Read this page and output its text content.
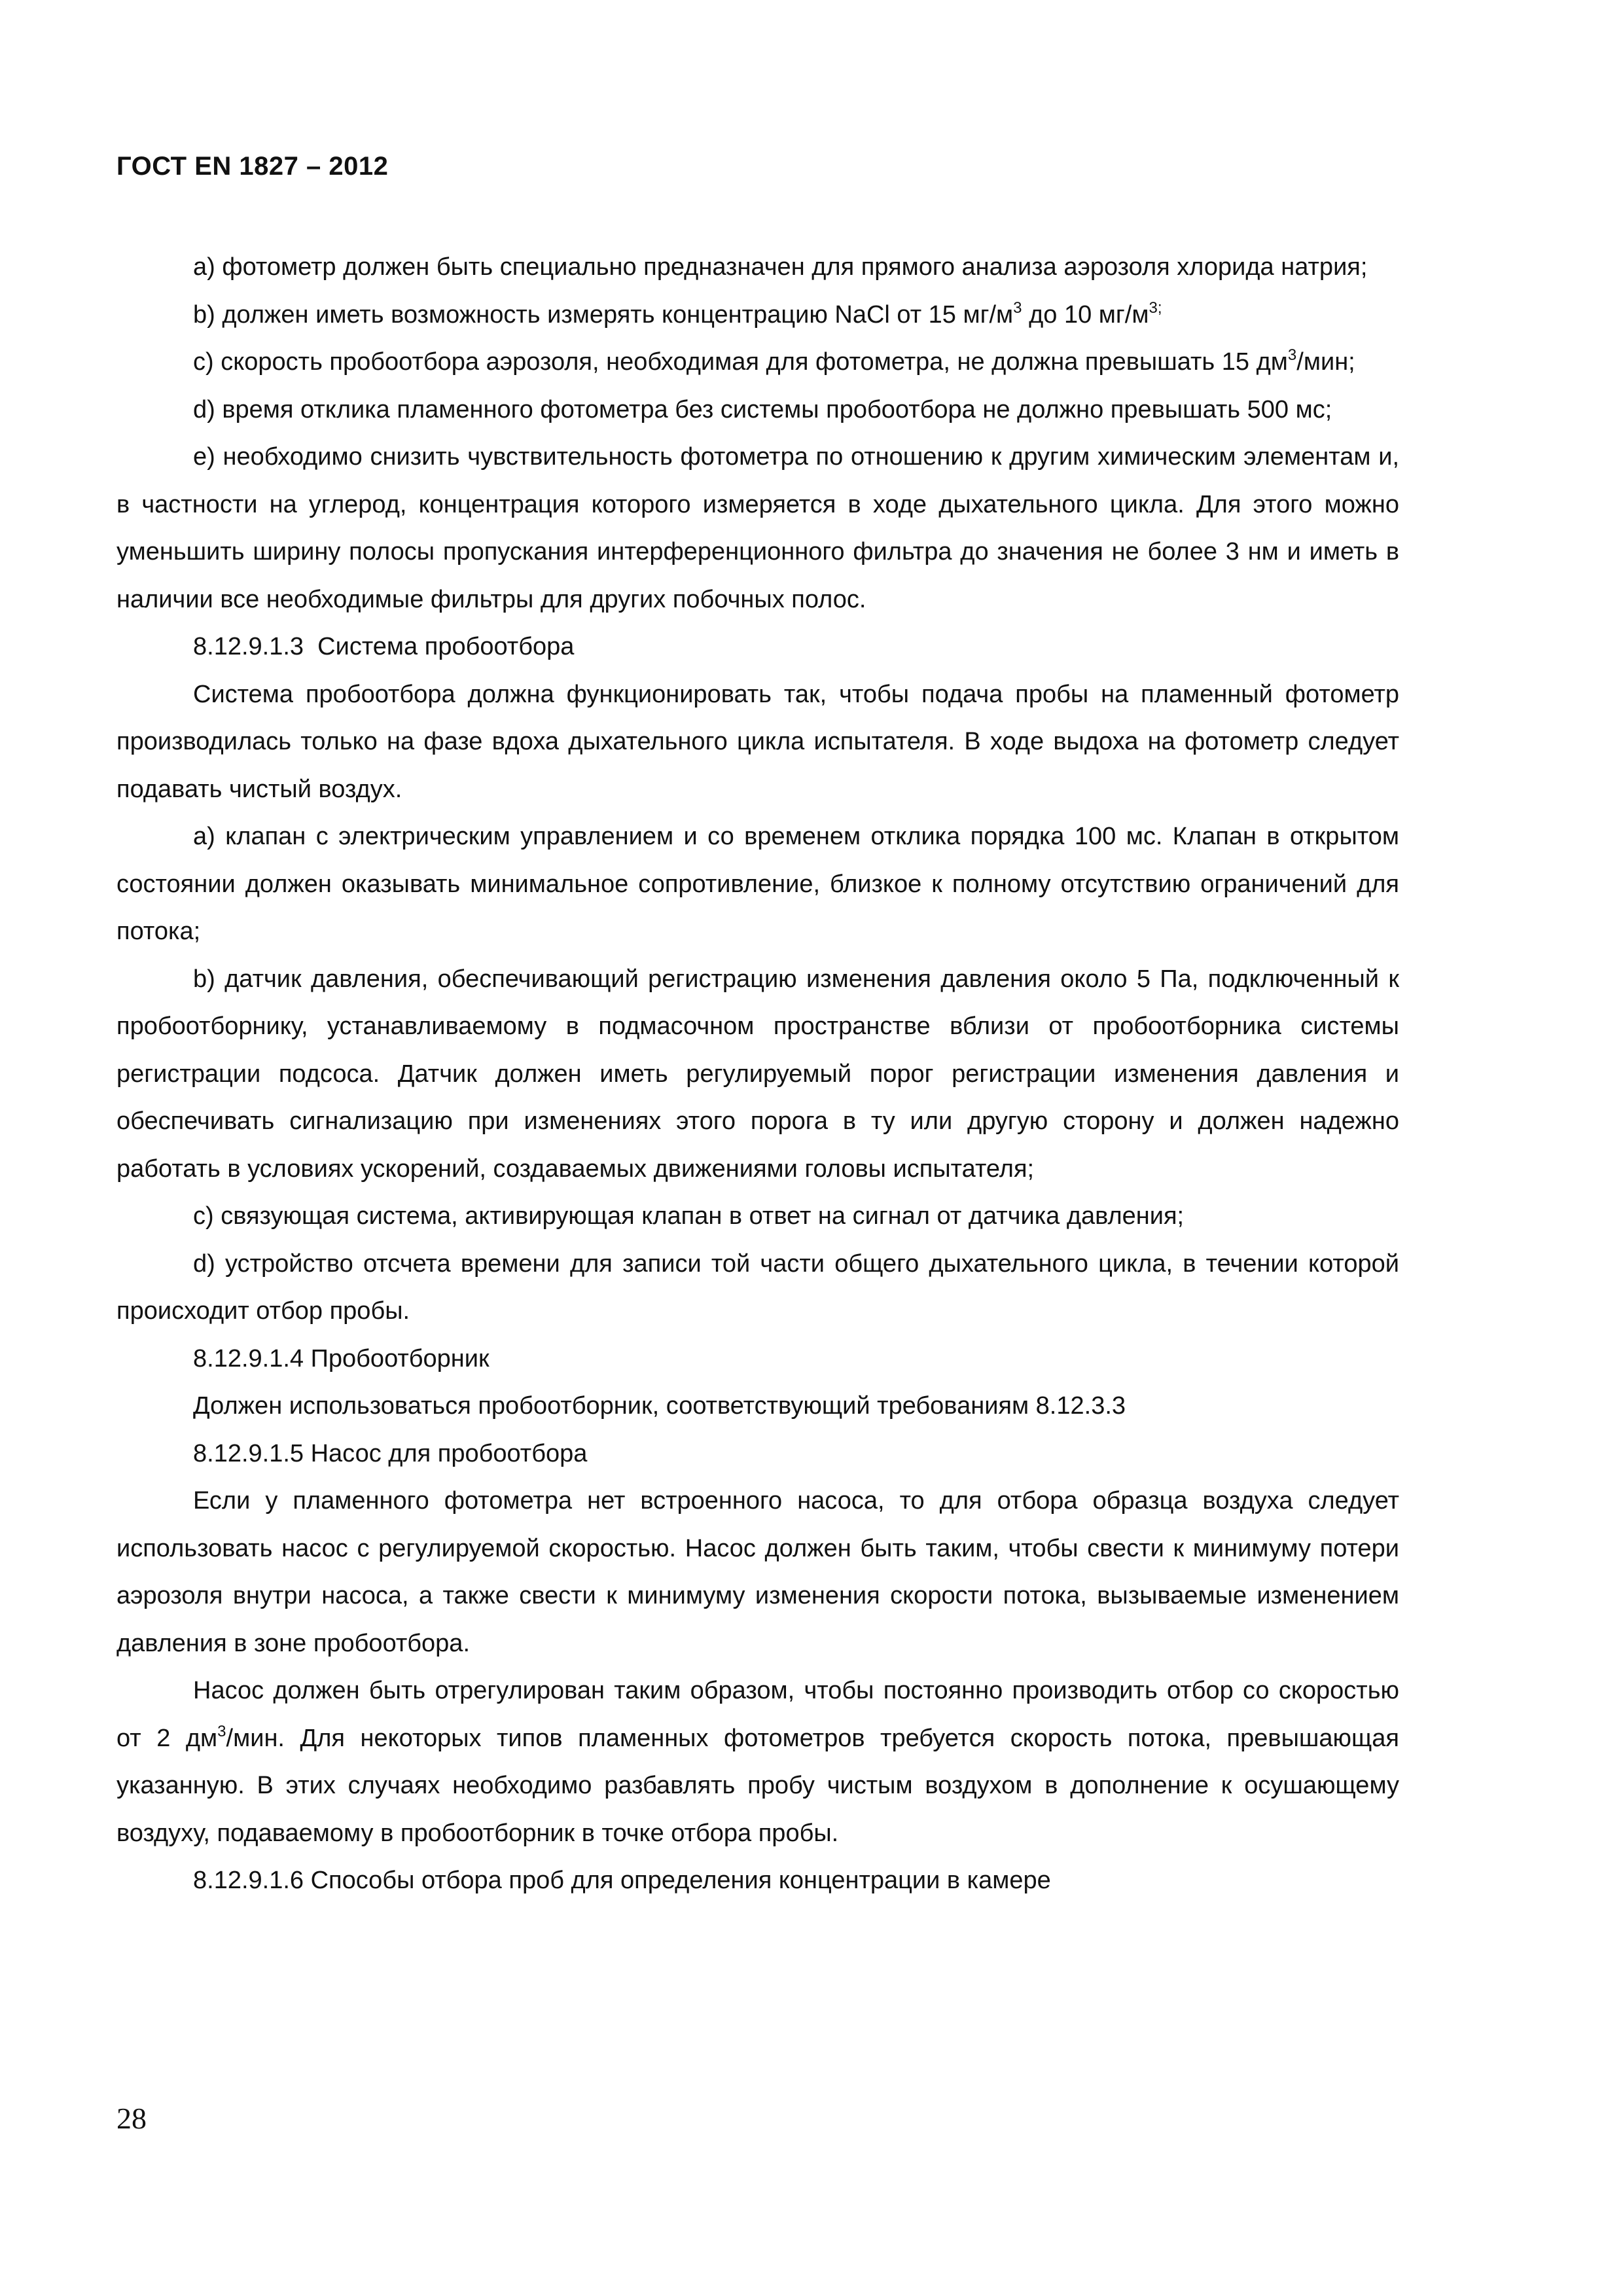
ГОСТ EN 1827 – 2012

а) фотометр должен быть специально предназначен для прямого анализа аэрозоля хлорида натрия;

b) должен иметь возможность измерять концентрацию NaCl от 15 $мг/м^3$ до 10 $мг/м^{3;}$

с) скорость пробоотбора аэрозоля, необходимая для фотометра, не должна превышать 15 $дм^3$/мин;

d) время отклика пламенного фотометра без системы пробоотбора не должно превышать 500 мс;

е) необходимо снизить чувствительность фотометра по отношению к другим химическим элементам и, в частности на углерод, концентрация которого измеряется в ходе дыхательного цикла. Для этого можно уменьшить ширину полосы пропускания интерференционного фильтра до значения не более 3 нм и иметь в наличии все необходимые фильтры для других побочных полос.

8.12.9.1.3  Система пробоотбора

Система пробоотбора должна функционировать так, чтобы подача пробы на пламенный фотометр производилась только на фазе вдоха дыхательного цикла испытателя. В ходе выдоха на фотометр следует подавать чистый воздух.

а) клапан с электрическим управлением и со временем отклика порядка 100 мс. Клапан в открытом состоянии должен оказывать минимальное сопротивление, близкое к полному отсутствию ограничений для потока;

b) датчик давления, обеспечивающий регистрацию изменения давления около 5 Па, подключенный к пробоотборнику, устанавливаемому в подмасочном пространстве вблизи от пробоотборника системы регистрации подсоса. Датчик должен иметь регулируемый порог регистрации изменения давления и обеспечивать сигнализацию при изменениях этого порога в ту или другую сторону и должен надежно работать в условиях ускорений, создаваемых движениями головы испытателя;

с) связующая система, активирующая клапан в ответ на сигнал от датчика давления;

d) устройство отсчета времени для записи той части общего дыхательного цикла, в течении которой происходит отбор пробы.

8.12.9.1.4 Пробоотборник

Должен использоваться пробоотборник, соответствующий требованиям 8.12.3.3

8.12.9.1.5 Насос для пробоотбора

Если у пламенного фотометра нет встроенного насоса, то для отбора образца воздуха следует использовать насос с регулируемой скоростью. Насос должен быть таким, чтобы свести к минимуму потери аэрозоля внутри насоса, а также свести к минимуму изменения скорости потока, вызываемые изменением давления в зоне пробоотбора.

Насос должен быть отрегулирован таким образом, чтобы постоянно производить отбор со скоростью от 2 $дм^3$/мин. Для некоторых типов пламенных фотометров требуется скорость потока, превышающая указанную. В этих случаях необходимо разбавлять пробу чистым воздухом в дополнение к осушающему воздуху, подаваемому в пробоотборник в точке отбора пробы.

8.12.9.1.6 Способы отбора проб для определения концентрации в камере

28
